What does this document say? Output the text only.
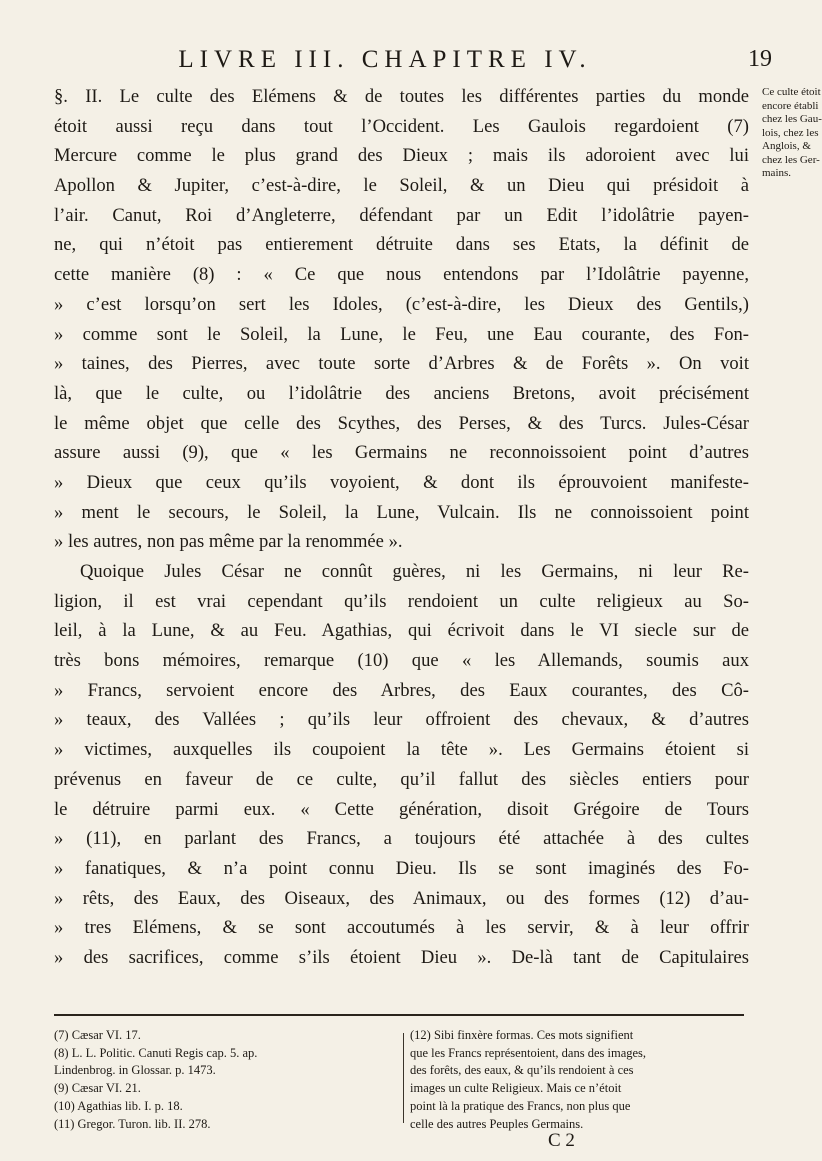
LIVRE III. CHAPITRE IV.	19
§. II. Le culte des Elémens & de toutes les différentes parties du monde
étoit aussi reçu dans tout l’Occident. Les Gaulois regardoient (7)
Mercure comme le plus grand des Dieux ; mais ils adoroient avec lui
Apollon & Jupiter, c’est-à-dire, le Soleil, & un Dieu qui présidoit à
l’air. Canut, Roi d’Angleterre, défendant par un Edit l’idolâtrie payen-
ne, qui n’étoit pas entierement détruite dans ses Etats, la définit de
cette manière (8) : « Ce que nous entendons par l’Idolâtrie payenne,
» c’est lorsqu’on sert les Idoles, (c’est-à-dire, les Dieux des Gentils,)
» comme sont le Soleil, la Lune, le Feu, une Eau courante, des Fon-
» taines, des Pierres, avec toute sorte d’Arbres & de Forêts ». On voit
là, que le culte, ou l’idolâtrie des anciens Bretons, avoit précisément
le même objet que celle des Scythes, des Perses, & des Turcs. Jules-César
assure aussi (9), que « les Germains ne reconnoissoient point d’autres
» Dieux que ceux qu’ils voyoient, & dont ils éprouvoient manifeste-
» ment le secours, le Soleil, la Lune, Vulcain. Ils ne connoissoient point
» les autres, non pas même par la renommée ».
Quoique Jules César ne connût guères, ni les Germains, ni leur Re-
ligion, il est vrai cependant qu’ils rendoient un culte religieux au So-
leil, à la Lune, & au Feu. Agathias, qui écrivoit dans le VI siecle sur de
très bons mémoires, remarque (10) que « les Allemands, soumis aux
» Francs, servoient encore des Arbres, des Eaux courantes, des Cô-
» teaux, des Vallées ; qu’ils leur offroient des chevaux, & d’autres
» victimes, auxquelles ils coupoient la tête ». Les Germains étoient si
prévenus en faveur de ce culte, qu’il fallut des siècles entiers pour
le détruire parmi eux. « Cette génération, disoit Grégoire de Tours
» (11), en parlant des Francs, a toujours été attachée à des cultes
» fanatiques, & n’a point connu Dieu. Ils se sont imaginés des Fo-
» rêts, des Eaux, des Oiseaux, des Animaux, ou des formes (12) d’au-
» tres Elémens, & se sont accoutumés à les servir, & à leur offrir
» des sacrifices, comme s’ils étoient Dieu ». De-là tant de Capitulaires
Ce culte étoit
encore établi
chez les Gau-
lois, chez les
Anglois, &
chez les Ger-
mains.
(7) Cæsar VI. 17.
(8) L. L. Politic. Canuti Regis cap. 5. ap.
Lindenbrog. in Glossar. p. 1473.
(9) Cæsar VI. 21.
(10) Agathias lib. I. p. 18.
(11) Gregor. Turon. lib. II. 278.
(12) Sibi finxère formas. Ces mots signifient
que les Francs représentoient, dans des images,
des forêts, des eaux, & qu’ils rendoient à ces
images un culte Religieux. Mais ce n’étoit
point là la pratique des Francs, non plus que
celle des autres Peuples Germains.
C 2
